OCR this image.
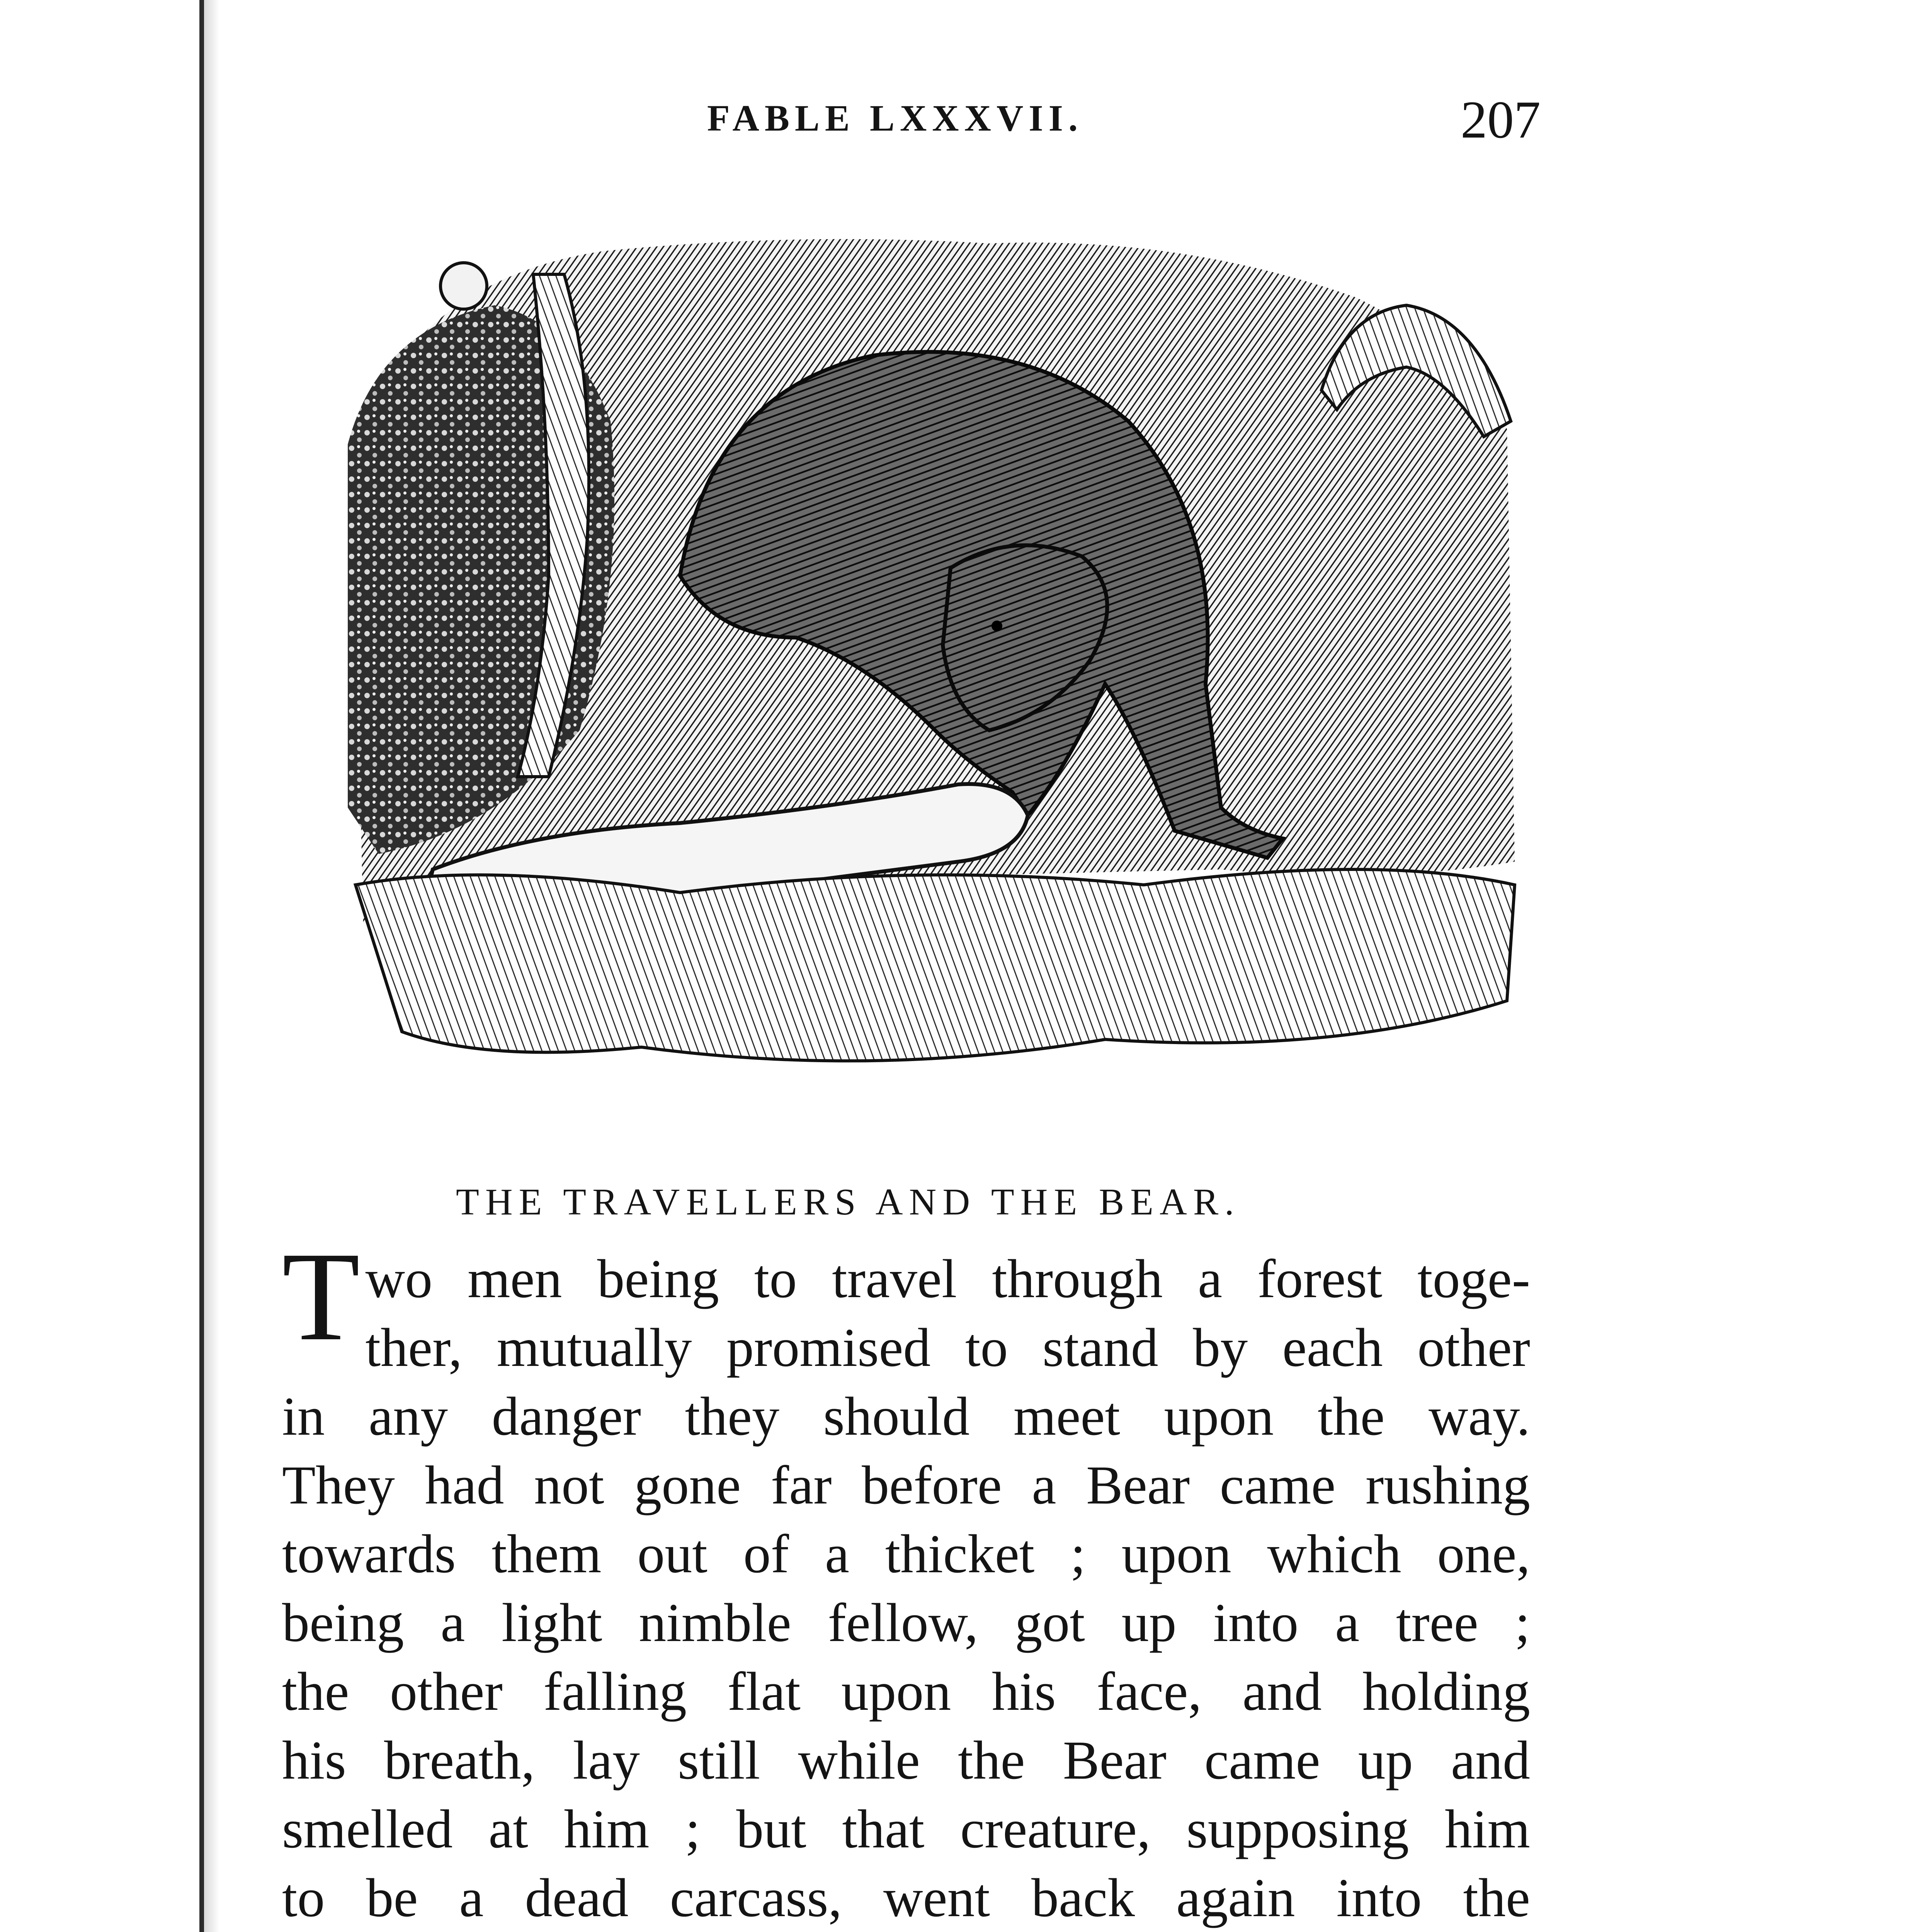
FABLE LXXXVII.	207
THE TRAVELLERS AND THE BEAR.
T wo men being to travel through a forest toge-
ther, mutually promised to stand by each other
in any danger they should meet upon the way.
They had not gone far before a Bear came rushing
towards them out of a thicket ; upon which one,
being a light nimble fellow, got up into a tree ;
the other falling flat upon his face, and holding
his breath, lay still while the Bear came up and
smelled at him ; but that creature, supposing him
to be a dead carcass, went back again into the
